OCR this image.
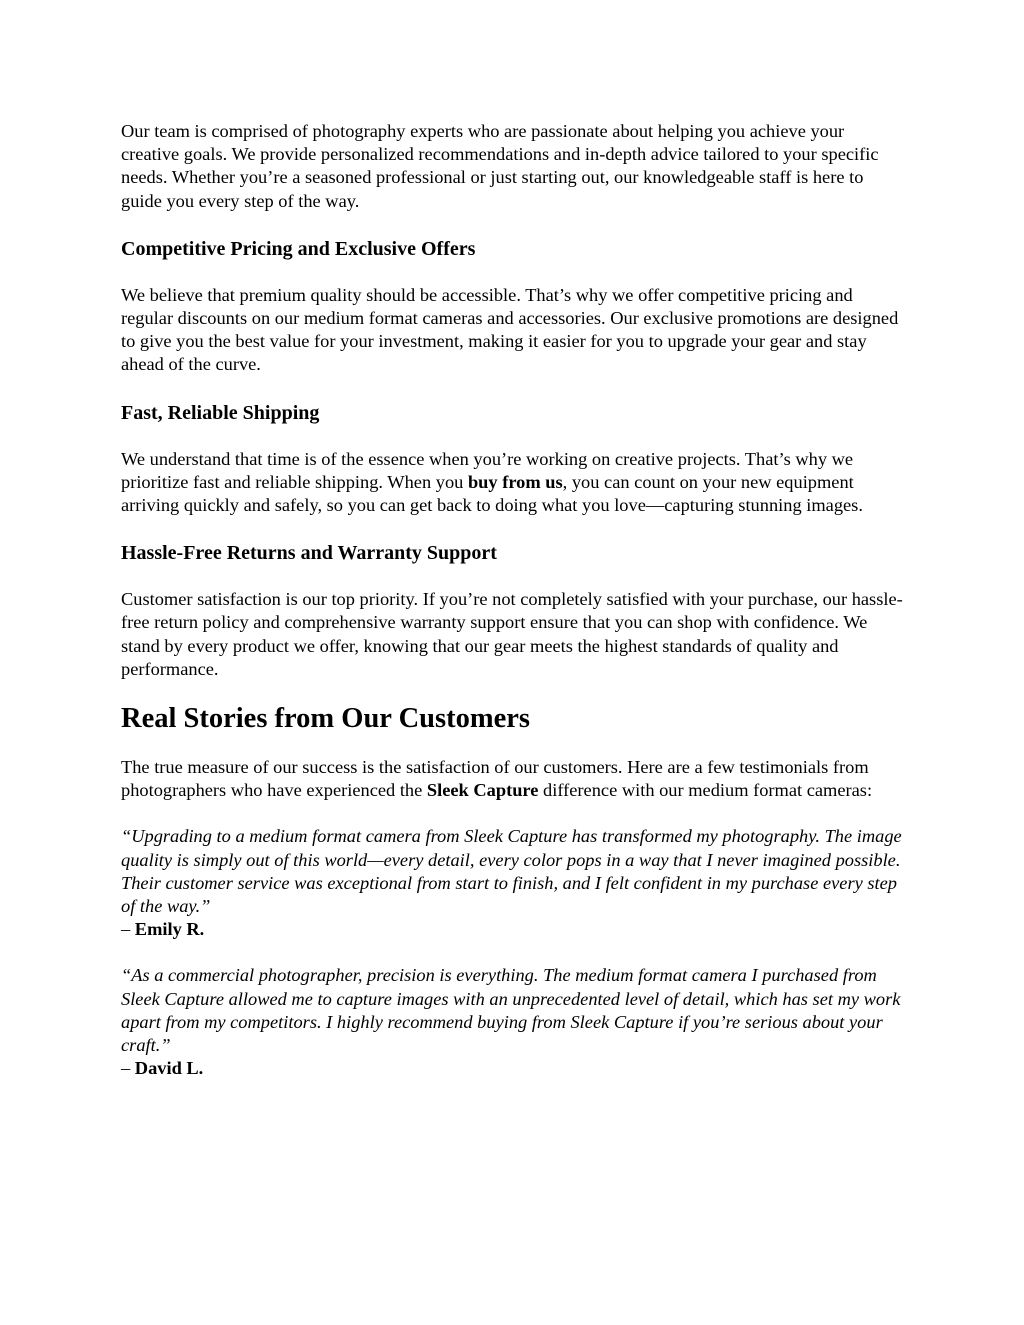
Our team is comprised of photography experts who are passionate about helping you achieve your creative goals. We provide personalized recommendations and in-depth advice tailored to your specific needs. Whether you’re a seasoned professional or just starting out, our knowledgeable staff is here to guide you every step of the way.

Competitive Pricing and Exclusive Offers

We believe that premium quality should be accessible. That’s why we offer competitive pricing and regular discounts on our medium format cameras and accessories. Our exclusive promotions are designed to give you the best value for your investment, making it easier for you to upgrade your gear and stay ahead of the curve.

Fast, Reliable Shipping

We understand that time is of the essence when you’re working on creative projects. That’s why we prioritize fast and reliable shipping. When you buy from us, you can count on your new equipment arriving quickly and safely, so you can get back to doing what you love—capturing stunning images.

Hassle-Free Returns and Warranty Support

Customer satisfaction is our top priority. If you’re not completely satisfied with your purchase, our hassle-free return policy and comprehensive warranty support ensure that you can shop with confidence. We stand by every product we offer, knowing that our gear meets the highest standards of quality and performance.

Real Stories from Our Customers

The true measure of our success is the satisfaction of our customers. Here are a few testimonials from photographers who have experienced the Sleek Capture difference with our medium format cameras:

“Upgrading to a medium format camera from Sleek Capture has transformed my photography. The image quality is simply out of this world—every detail, every color pops in a way that I never imagined possible. Their customer service was exceptional from start to finish, and I felt confident in my purchase every step of the way.”
– Emily R.

“As a commercial photographer, precision is everything. The medium format camera I purchased from Sleek Capture allowed me to capture images with an unprecedented level of detail, which has set my work apart from my competitors. I highly recommend buying from Sleek Capture if you’re serious about your craft.”
– David L.
